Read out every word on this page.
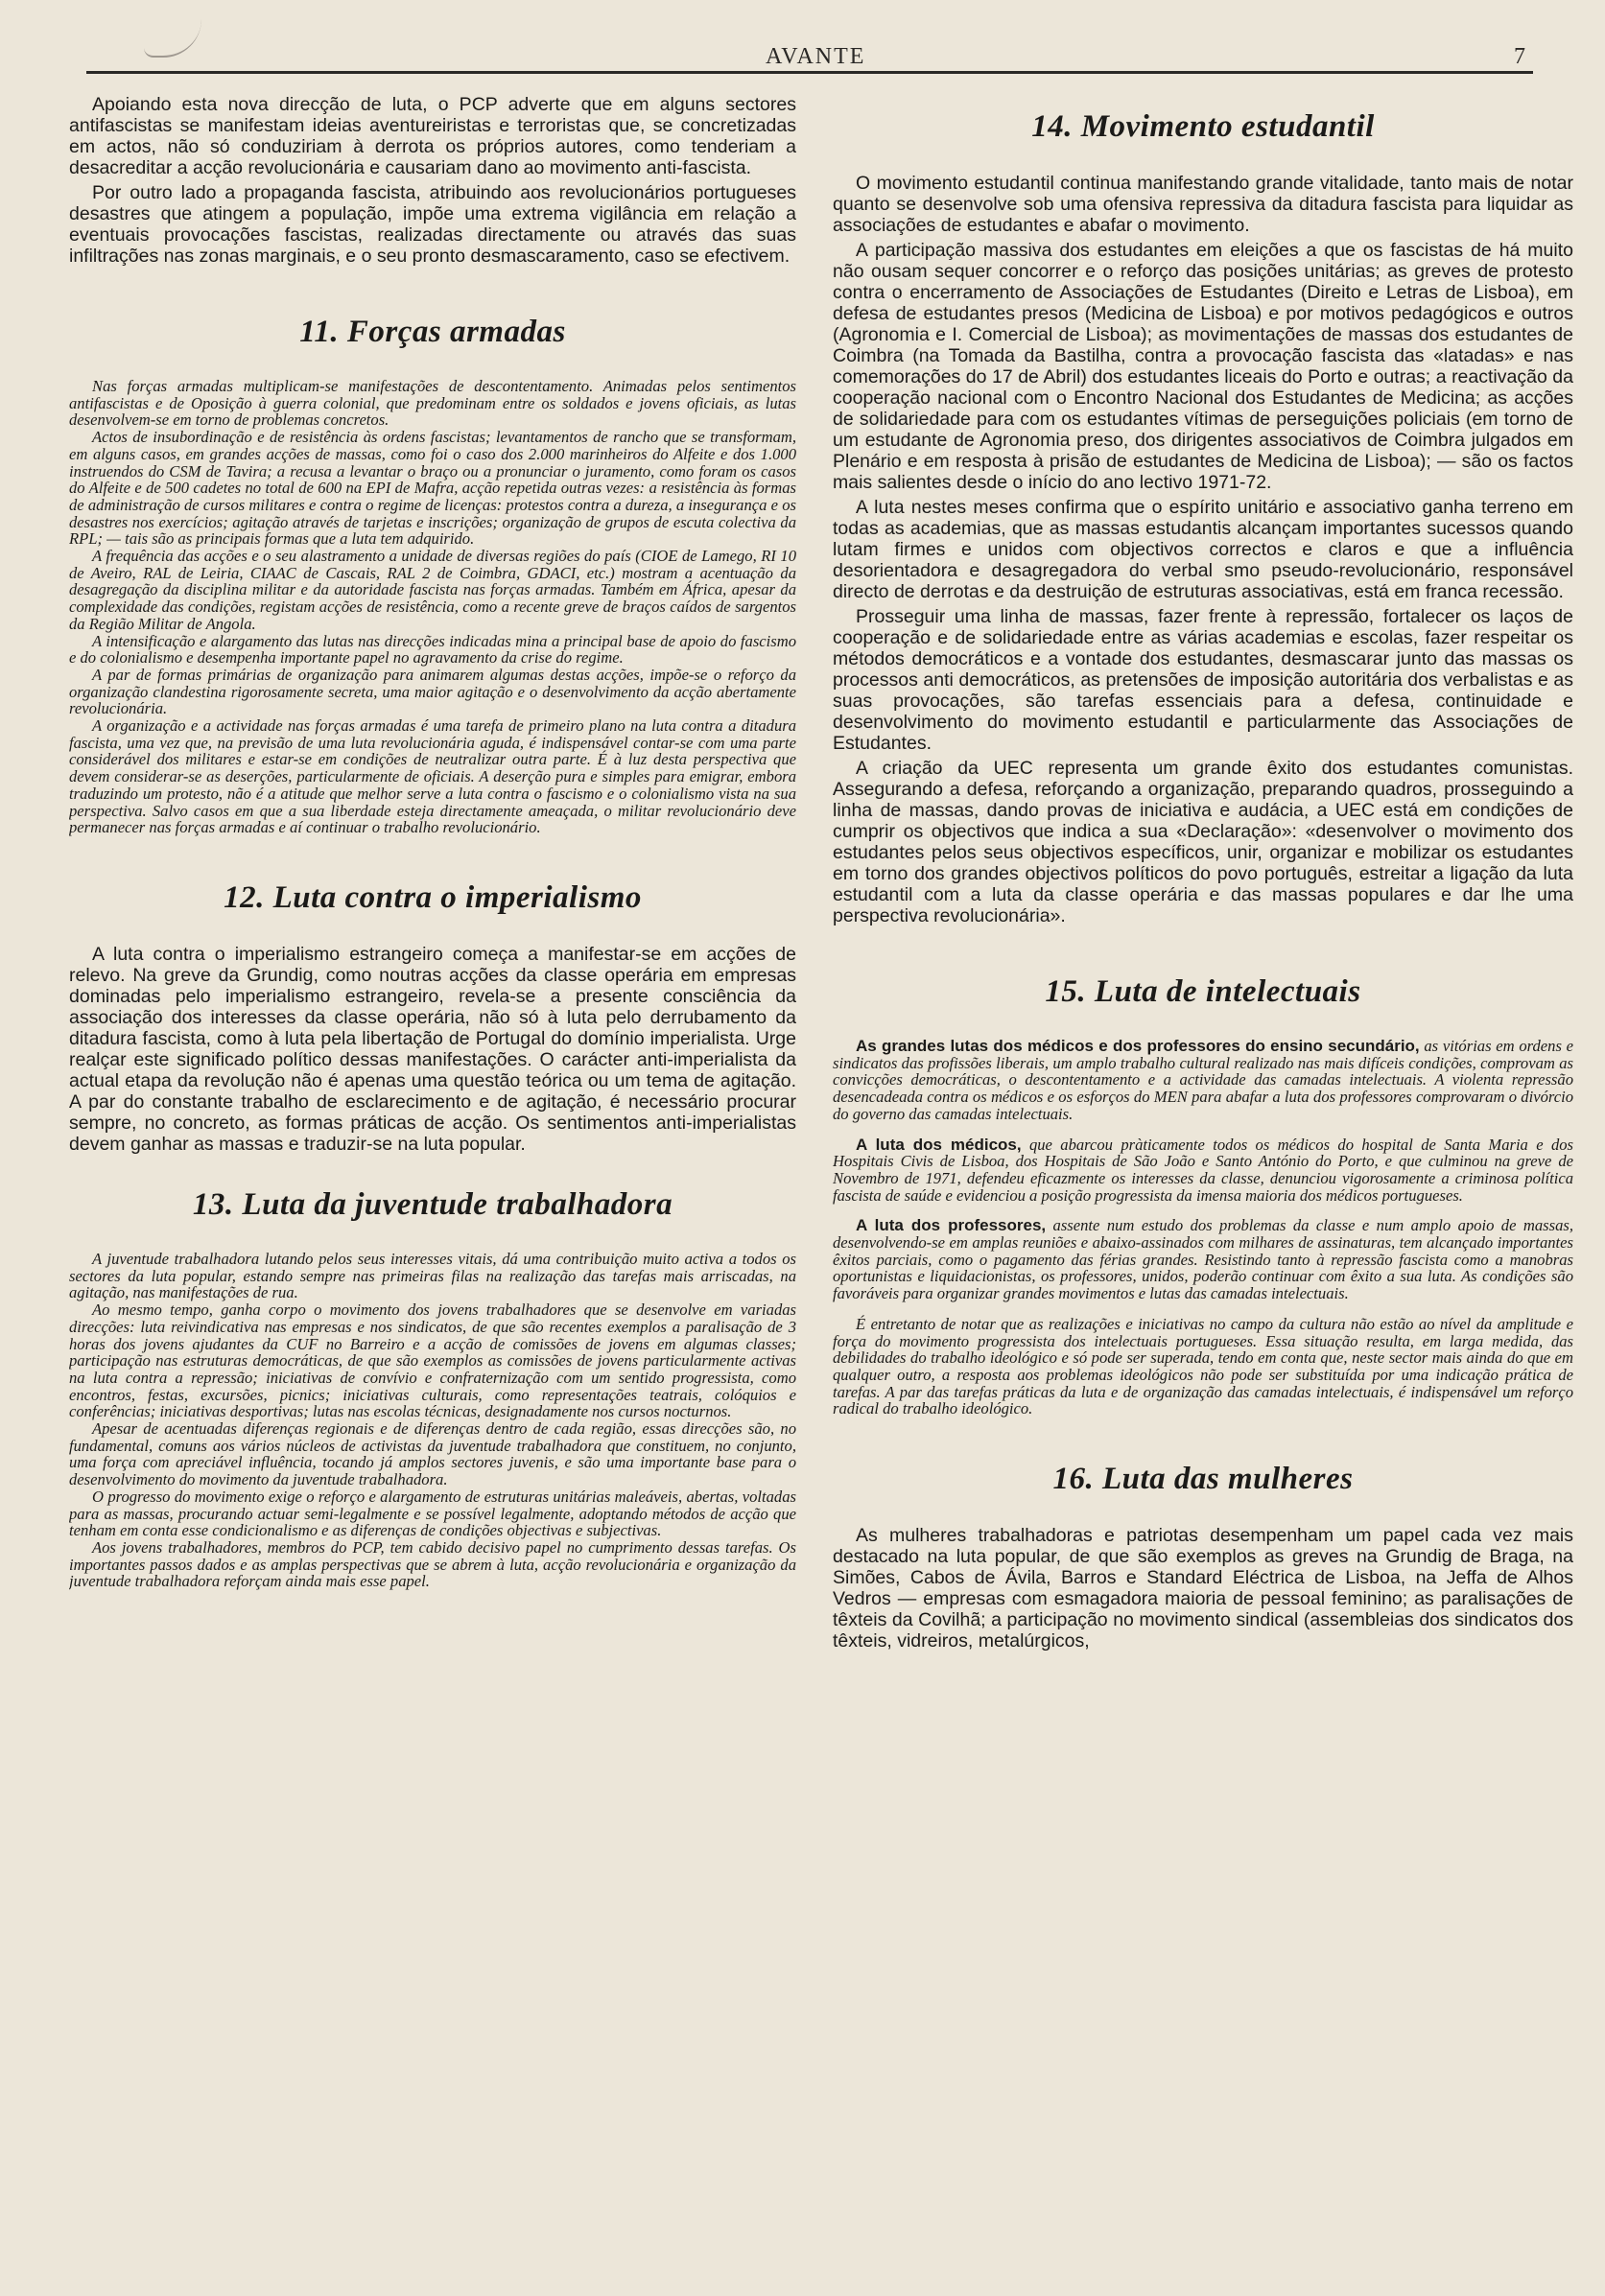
AVANTE	7

Apoiando esta nova direcção de luta, o PCP adverte que em alguns sectores antifascistas se manifestam ideias aventureiristas e terroristas que, se concretizadas em actos, não só conduziriam à derrota os próprios autores, como tenderiam a desacreditar a acção revolucionária e causariam dano ao movimento anti-fascista.

Por outro lado a propaganda fascista, atribuindo aos revolucionários portugueses desastres que atingem a população, impõe uma extrema vigilância em relação a eventuais provocações fascistas, realizadas directamente ou através das suas infiltrações nas zonas marginais, e o seu pronto desmascaramento, caso se efectivem.

11. Forças armadas

Nas forças armadas multiplicam-se manifestações de descontentamento. Animadas pelos sentimentos antifascistas e de Oposição à guerra colonial, que predominam entre os soldados e jovens oficiais, as lutas desenvolvem-se em torno de problemas concretos.

Actos de insubordinação e de resistência às ordens fascistas; levantamentos de rancho que se transformam, em alguns casos, em grandes acções de massas, como foi o caso dos 2.000 marinheiros do Alfeite e dos 1.000 instruendos do CSM de Tavira; a recusa a levantar o braço ou a pronunciar o juramento, como foram os casos do Alfeite e de 500 cadetes no total de 600 na EPI de Mafra, acção repetida outras vezes: a resistência às formas de administração de cursos militares e contra o regime de licenças: protestos contra a dureza, a insegurança e os desastres nos exercícios; agitação através de tarjetas e inscrições; organização de grupos de escuta colectiva da RPL; — tais são as principais formas que a luta tem adquirido.

A frequência das acções e o seu alastramento a unidade de diversas regiões do país (CIOE de Lamego, RI 10 de Aveiro, RAL de Leiria, CIAAC de Cascais, RAL 2 de Coimbra, GDACI, etc.) mostram a acentuação da desagregação da disciplina militar e da autoridade fascista nas forças armadas. Também em África, apesar da complexidade das condições, registam acções de resistência, como a recente greve de braços caídos de sargentos da Região Militar de Angola.

A intensificação e alargamento das lutas nas direcções indicadas mina a principal base de apoio do fascismo e do colonialismo e desempenha importante papel no agravamento da crise do regime.

A par de formas primárias de organização para animarem algumas destas acções, impõe-se o reforço da organização clandestina rigorosamente secreta, uma maior agitação e o desenvolvimento da acção abertamente revolucionária.

A organização e a actividade nas forças armadas é uma tarefa de primeiro plano na luta contra a ditadura fascista, uma vez que, na previsão de uma luta revolucionária aguda, é indispensável contar-se com uma parte considerável dos militares e estar-se em condições de neutralizar outra parte. É à luz desta perspectiva que devem considerar-se as deserções, particularmente de oficiais. A deserção pura e simples para emigrar, embora traduzindo um protesto, não é a atitude que melhor serve a luta contra o fascismo e o colonialismo vista na sua perspectiva. Salvo casos em que a sua liberdade esteja directamente ameaçada, o militar revolucionário deve permanecer nas forças armadas e aí continuar o trabalho revolucionário.

12. Luta contra o imperialismo

A luta contra o imperialismo estrangeiro começa a manifestar-se em acções de relevo. Na greve da Grundig, como noutras acções da classe operária em empresas dominadas pelo imperialismo estrangeiro, revela-se a presente consciência da associação dos interesses da classe operária, não só à luta pelo derrubamento da ditadura fascista, como à luta pela libertação de Portugal do domínio imperialista. Urge realçar este significado político dessas manifestações. O carácter anti-imperialista da actual etapa da revolução não é apenas uma questão teórica ou um tema de agitação. A par do constante trabalho de esclarecimento e de agitação, é necessário procurar sempre, no concreto, as formas práticas de acção. Os sentimentos anti-imperialistas devem ganhar as massas e traduzir-se na luta popular.

13. Luta da juventude trabalhadora

A juventude trabalhadora lutando pelos seus interesses vitais, dá uma contribuição muito activa a todos os sectores da luta popular, estando sempre nas primeiras filas na realização das tarefas mais arriscadas, na agitação, nas manifestações de rua.

Ao mesmo tempo, ganha corpo o movimento dos jovens trabalhadores que se desenvolve em variadas direcções: luta reivindicativa nas empresas e nos sindicatos, de que são recentes exemplos a paralisação de 3 horas dos jovens ajudantes da CUF no Barreiro e a acção de comissões de jovens em algumas classes; participação nas estruturas democráticas, de que são exemplos as comissões de jovens particularmente activas na luta contra a repressão; iniciativas de convívio e confraternização com um sentido progressista, como encontros, festas, excursões, picnics; iniciativas culturais, como representações teatrais, colóquios e conferências; iniciativas desportivas; lutas nas escolas técnicas, designadamente nos cursos nocturnos.

Apesar de acentuadas diferenças regionais e de diferenças dentro de cada região, essas direcções são, no fundamental, comuns aos vários núcleos de activistas da juventude trabalhadora que constituem, no conjunto, uma força com apreciável influência, tocando já amplos sectores juvenis, e são uma importante base para o desenvolvimento do movimento da juventude trabalhadora.

O progresso do movimento exige o reforço e alargamento de estruturas unitárias maleáveis, abertas, voltadas para as massas, procurando actuar semi-legalmente e se possível legalmente, adoptando métodos de acção que tenham em conta esse condicionalismo e as diferenças de condições objectivas e subjectivas.

Aos jovens trabalhadores, membros do PCP, tem cabido decisivo papel no cumprimento dessas tarefas. Os importantes passos dados e as amplas perspectivas que se abrem à luta, acção revolucionária e organização da juventude trabalhadora reforçam ainda mais esse papel.

14. Movimento estudantil

O movimento estudantil continua manifestando grande vitalidade, tanto mais de notar quanto se desenvolve sob uma ofensiva repressiva da ditadura fascista para liquidar as associações de estudantes e abafar o movimento.

A participação massiva dos estudantes em eleições a que os fascistas de há muito não ousam sequer concorrer e o reforço das posições unitárias; as greves de protesto contra o encerramento de Associações de Estudantes (Direito e Letras de Lisboa), em defesa de estudantes presos (Medicina de Lisboa) e por motivos pedagógicos e outros (Agronomia e I. Comercial de Lisboa); as movimentações de massas dos estudantes de Coimbra (na Tomada da Bastilha, contra a provocação fascista das «latadas» e nas comemorações do 17 de Abril) dos estudantes liceais do Porto e outras; a reactivação da cooperação nacional com o Encontro Nacional dos Estudantes de Medicina; as acções de solidariedade para com os estudantes vítimas de perseguições policiais (em torno de um estudante de Agronomia preso, dos dirigentes associativos de Coimbra julgados em Plenário e em resposta à prisão de estudantes de Medicina de Lisboa); — são os factos mais salientes desde o início do ano lectivo 1971-72.

A luta nestes meses confirma que o espírito unitário e associativo ganha terreno em todas as academias, que as massas estudantis alcançam importantes sucessos quando lutam firmes e unidos com objectivos correctos e claros e que a influência desorientadora e desagregadora do verbal smo pseudo-revolucionário, responsável directo de derrotas e da destruição de estruturas associativas, está em franca recessão.

Prosseguir uma linha de massas, fazer frente à repressão, fortalecer os laços de cooperação e de solidariedade entre as várias academias e escolas, fazer respeitar os métodos democráticos e a vontade dos estudantes, desmascarar junto das massas os processos anti democráticos, as pretensões de imposição autoritária dos verbalistas e as suas provocações, são tarefas essenciais para a defesa, continuidade e desenvolvimento do movimento estudantil e particularmente das Associações de Estudantes.

A criação da UEC representa um grande êxito dos estudantes comunistas. Assegurando a defesa, reforçando a organização, preparando quadros, prosseguindo a linha de massas, dando provas de iniciativa e audácia, a UEC está em condições de cumprir os objectivos que indica a sua «Declaração»: «desenvolver o movimento dos estudantes pelos seus objectivos específicos, unir, organizar e mobilizar os estudantes em torno dos grandes objectivos políticos do povo português, estreitar a ligação da luta estudantil com a luta da classe operária e das massas populares e dar lhe uma perspectiva revolucionária».

15. Luta de intelectuais

As grandes lutas dos médicos e dos professores do ensino secundário, as vitórias em ordens e sindicatos das profissões liberais, um amplo trabalho cultural realizado nas mais difíceis condições, comprovam as convicções democráticas, o descontentamento e a actividade das camadas intelectuais. A violenta repressão desencadeada contra os médicos e os esforços do MEN para abafar a luta dos professores comprovaram o divórcio do governo das camadas intelectuais.

A luta dos médicos, que abarcou pràticamente todos os médicos do hospital de Santa Maria e dos Hospitais Civis de Lisboa, dos Hospitais de São João e Santo António do Porto, e que culminou na greve de Novembro de 1971, defendeu eficazmente os interesses da classe, denunciou vigorosamente a criminosa política fascista de saúde e evidenciou a posição progressista da imensa maioria dos médicos portugueses.

A luta dos professores, assente num estudo dos problemas da classe e num amplo apoio de massas, desenvolvendo-se em amplas reuniões e abaixo-assinados com milhares de assinaturas, tem alcançado importantes êxitos parciais, como o pagamento das férias grandes. Resistindo tanto à repressão fascista como a manobras oportunistas e liquidacionistas, os professores, unidos, poderão continuar com êxito a sua luta. As condições são favoráveis para organizar grandes movimentos e lutas das camadas intelectuais.

É entretanto de notar que as realizações e iniciativas no campo da cultura não estão ao nível da amplitude e força do movimento progressista dos intelectuais portugueses. Essa situação resulta, em larga medida, das debilidades do trabalho ideológico e só pode ser superada, tendo em conta que, neste sector mais ainda do que em qualquer outro, a resposta aos problemas ideológicos não pode ser substituída por uma indicação prática de tarefas. A par das tarefas práticas da luta e de organização das camadas intelectuais, é indispensável um reforço radical do trabalho ideológico.

16. Luta das mulheres

As mulheres trabalhadoras e patriotas desempenham um papel cada vez mais destacado na luta popular, de que são exemplos as greves na Grundig de Braga, na Simões, Cabos de Ávila, Barros e Standard Eléctrica de Lisboa, na Jeffa de Alhos Vedros — empresas com esmagadora maioria de pessoal feminino; as paralisações de têxteis da Covilhã; a participação no movimento sindical (assembleias dos sindicatos dos têxteis, vidreiros, metalúrgicos,
